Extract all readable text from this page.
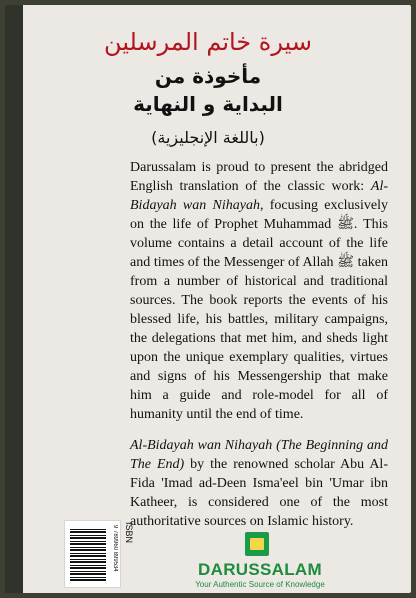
سيرة خاتم المرسلين
مأخوذة من
البداية و النهاية
(باللغة الإنجليزية)

Darussalam is proud to present the abridged English translation of the classic work: Al-Bidayah wan Nihayah, focusing exclusively on the life of Prophet Muhammad ﷺ. This volume contains a detail account of the life and times of the Messenger of Allah ﷺ taken from a number of historical and traditional sources. The book reports the events of his blessed life, his battles, military campaigns, the delegations that met him, and sheds light upon the unique exemplary qualities, virtues and signs of his Messengership that make him a guide and role-model for all of humanity until the end of time.

Al-Bidayah wan Nihayah (The Beginning and The End) by the renowned scholar Abu Al-Fida 'Imad ad-Deen Isma'eel bin 'Umar ibn Katheer, is considered one of the most authoritative sources on Islamic history.

9 789960 899534 ISBN
DARUSSALAM
Your Authentic Source of Knowledge
